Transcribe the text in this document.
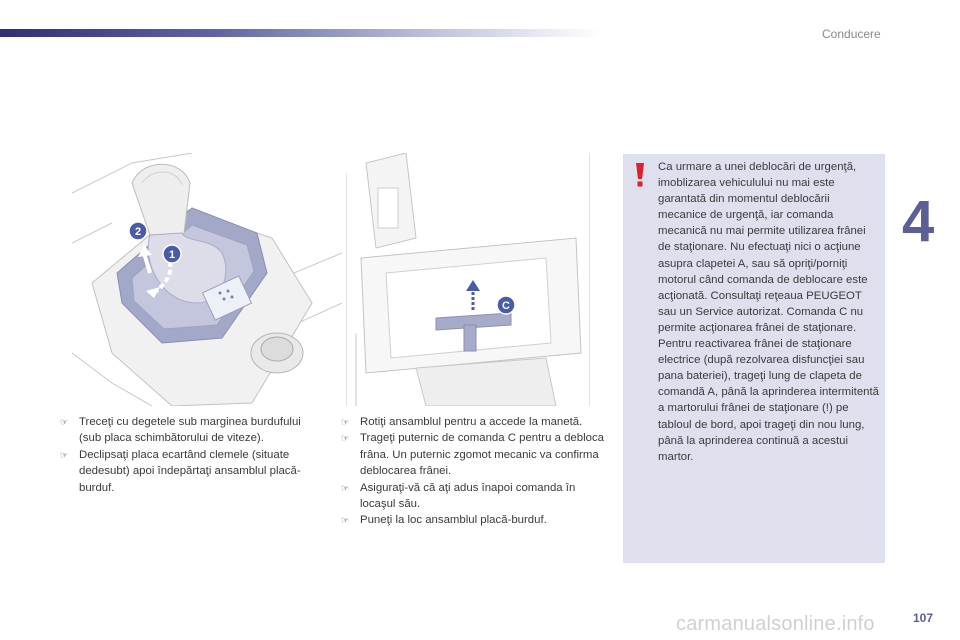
Conducere
4
2
1
C
☞ Treceţi cu degetele sub marginea burdufului (sub placa schimbătorului de viteze).
☞ Declipsaţi placa ecartând clemele (situate dedesubt) apoi îndepărtaţi ansamblul placă-burduf.
☞ Rotiţi ansamblul pentru a accede la manetă.
☞ Trageţi puternic de comanda C pentru a debloca frâna. Un puternic zgomot mecanic va confirma deblocarea frânei.
☞ Asiguraţi-vă că aţi adus înapoi comanda în locaşul său.
☞ Puneţi la loc ansamblul placă-burduf.

Ca urmare a unei deblocări de urgenţă, imoblizarea vehiculului nu mai este garantată din momentul deblocării mecanice de urgenţă, iar comanda mecanică nu mai permite utilizarea frânei de staţionare. Nu efectuaţi nici o acţiune asupra clapetei A, sau să opriţi/porniţi motorul când comanda de deblocare este acţionată. Consultaţi reţeaua PEUGEOT sau un Service autorizat. Comanda C nu permite acţionarea frânei de staţionare. Pentru reactivarea frânei de staţionare electrice (după rezolvarea disfuncţiei sau pana bateriei), trageţi lung de clapeta de comandă A, până la aprinderea intermitentă a martorului frânei de staţionare (!) pe tabloul de bord, apoi trageţi din nou lung, până la aprinderea continuă a acestui martor.

carmanualsonline.info	107
